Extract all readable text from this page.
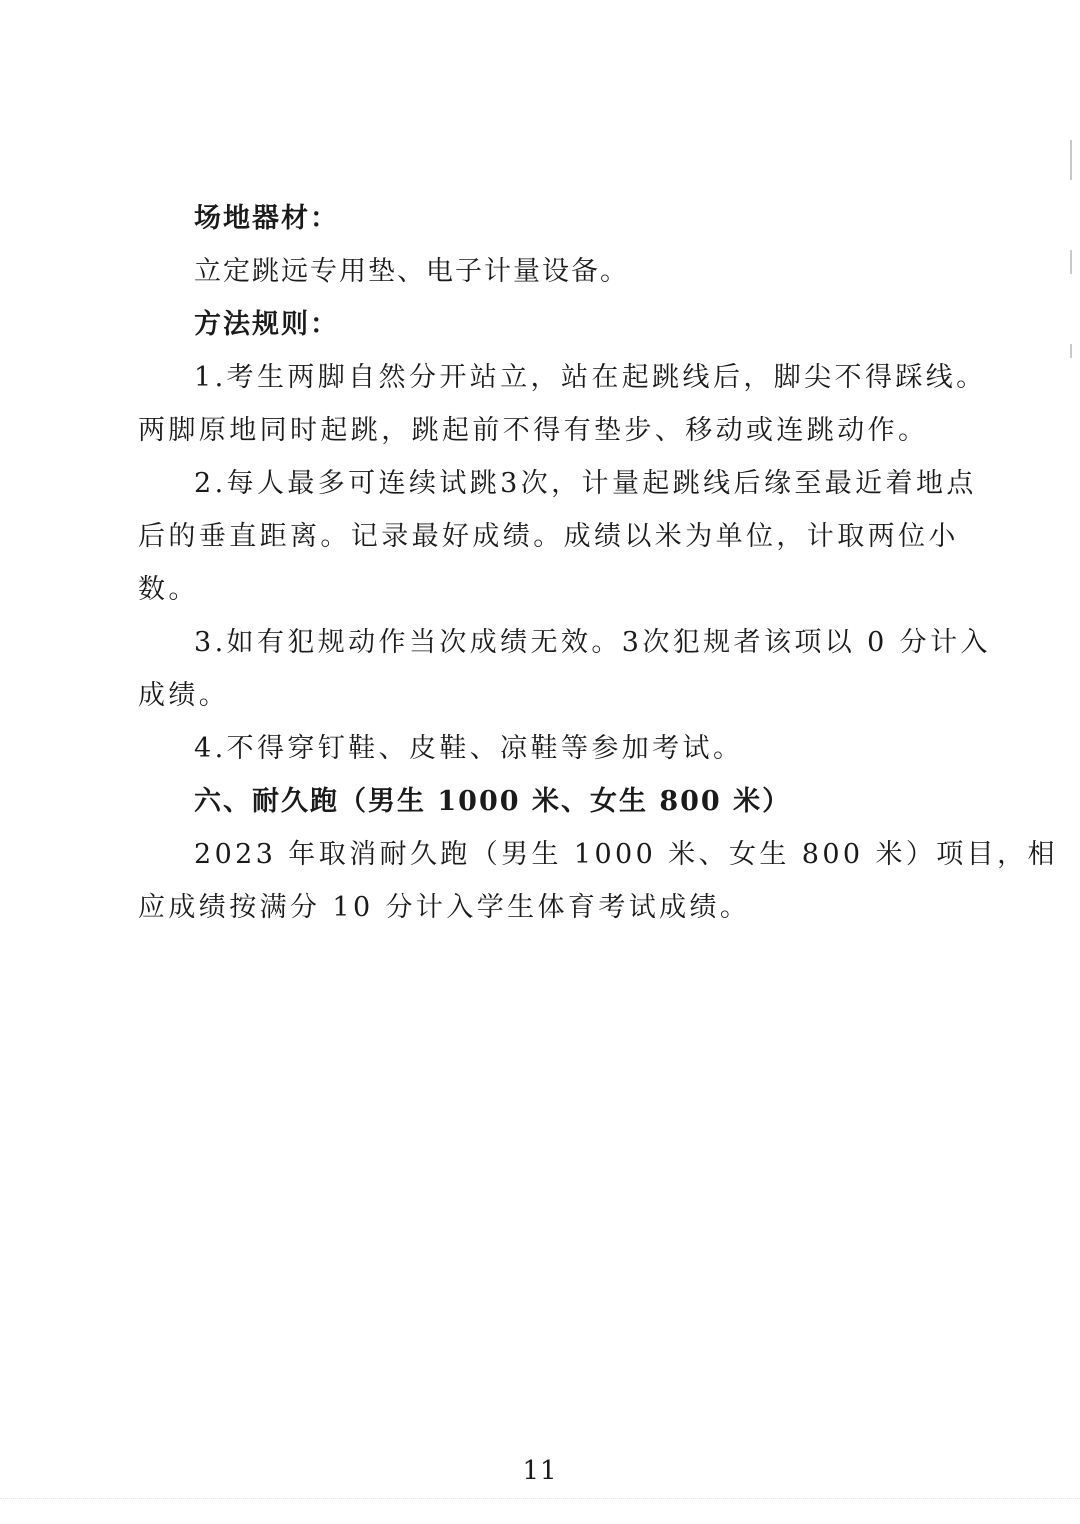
场地器材：
立定跳远专用垫、电子计量设备。
方法规则：
1.考生两脚自然分开站立，站在起跳线后，脚尖不得踩线。
两脚原地同时起跳，跳起前不得有垫步、移动或连跳动作。
2.每人最多可连续试跳3次，计量起跳线后缘至最近着地点
后的垂直距离。记录最好成绩。成绩以米为单位，计取两位小
数。
3.如有犯规动作当次成绩无效。3次犯规者该项以 0 分计入
成绩。
4.不得穿钉鞋、皮鞋、凉鞋等参加考试。
六、耐久跑（男生 1000 米、女生 800 米）
2023 年取消耐久跑（男生 1000 米、女生 800 米）项目，相
应成绩按满分 10 分计入学生体育考试成绩。
11
